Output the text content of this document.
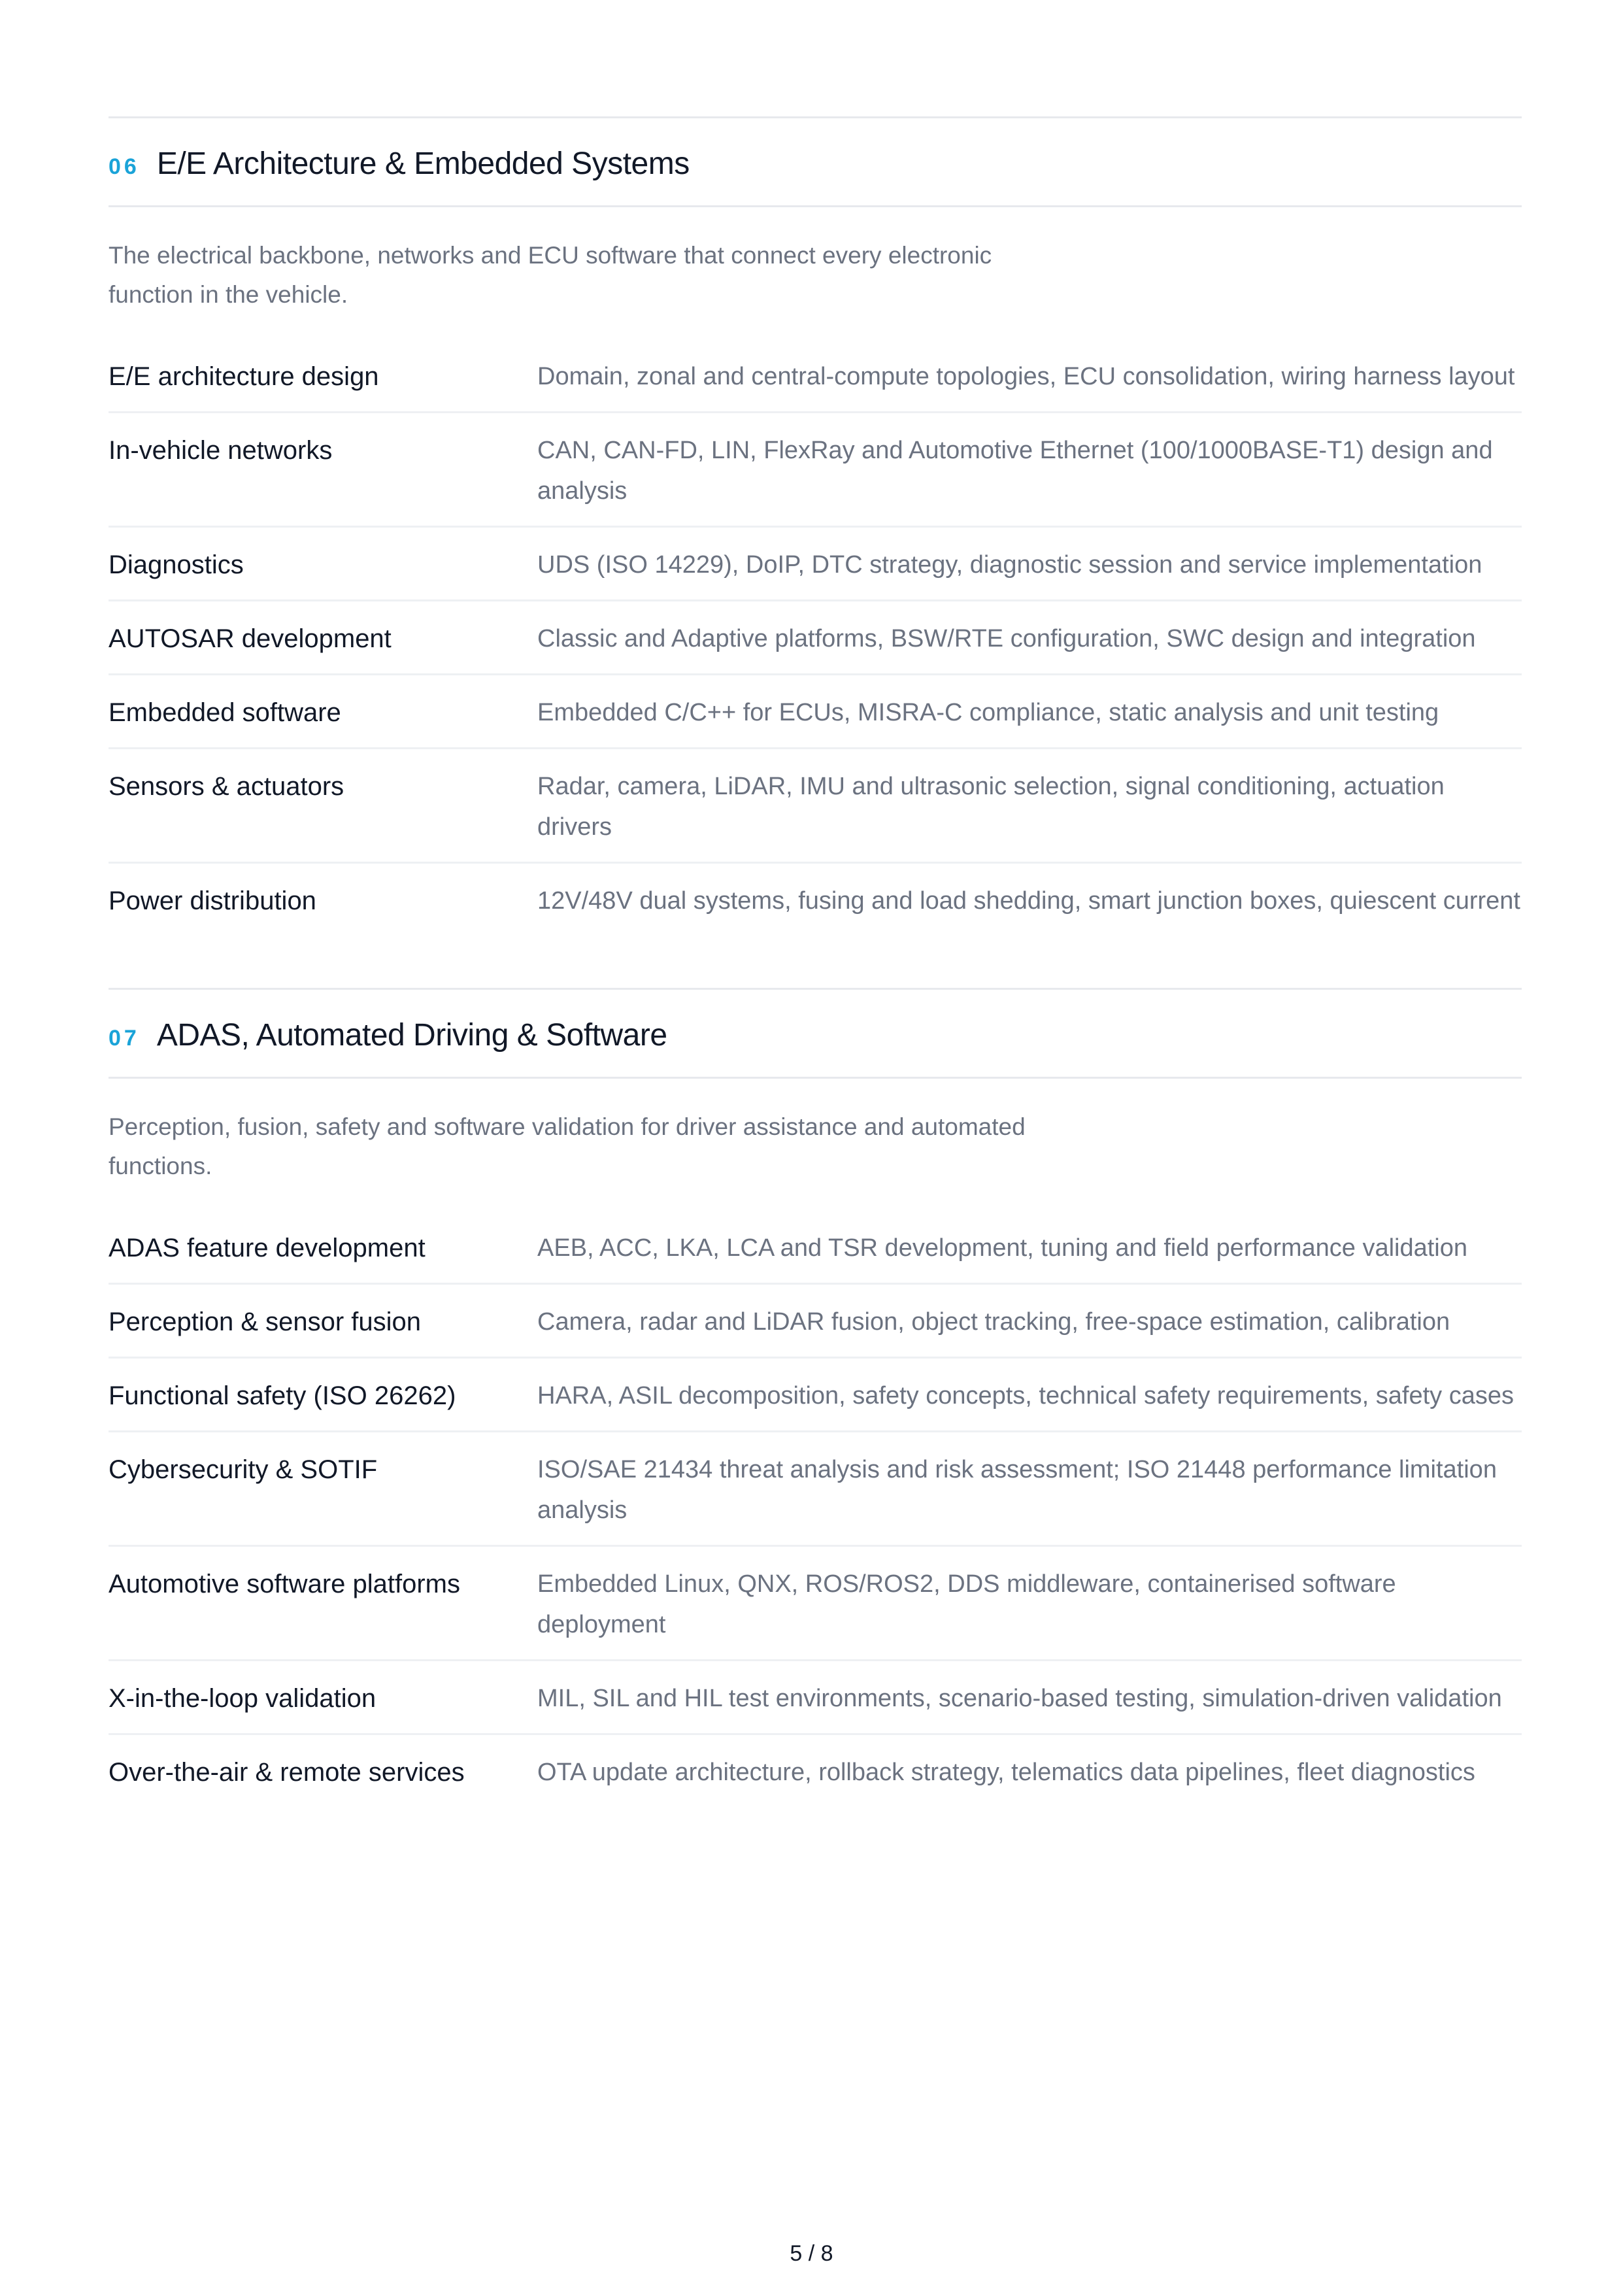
06 E/E Architecture & Embedded Systems

The electrical backbone, networks and ECU software that connect every electronic function in the vehicle.

E/E architecture design	Domain, zonal and central-compute topologies, ECU consolidation, wiring harness layout
In-vehicle networks	CAN, CAN-FD, LIN, FlexRay and Automotive Ethernet (100/1000BASE-T1) design and analysis
Diagnostics	UDS (ISO 14229), DoIP, DTC strategy, diagnostic session and service implementation
AUTOSAR development	Classic and Adaptive platforms, BSW/RTE configuration, SWC design and integration
Embedded software	Embedded C/C++ for ECUs, MISRA-C compliance, static analysis and unit testing
Sensors & actuators	Radar, camera, LiDAR, IMU and ultrasonic selection, signal conditioning, actuation drivers
Power distribution	12V/48V dual systems, fusing and load shedding, smart junction boxes, quiescent current
07 ADAS, Automated Driving & Software

Perception, fusion, safety and software validation for driver assistance and automated functions.

ADAS feature development	AEB, ACC, LKA, LCA and TSR development, tuning and field performance validation
Perception & sensor fusion	Camera, radar and LiDAR fusion, object tracking, free-space estimation, calibration
Functional safety (ISO 26262)	HARA, ASIL decomposition, safety concepts, technical safety requirements, safety cases
Cybersecurity & SOTIF	ISO/SAE 21434 threat analysis and risk assessment; ISO 21448 performance limitation analysis
Automotive software platforms	Embedded Linux, QNX, ROS/ROS2, DDS middleware, containerised software deployment
X-in-the-loop validation	MIL, SIL and HIL test environments, scenario-based testing, simulation-driven validation
Over-the-air & remote services	OTA update architecture, rollback strategy, telematics data pipelines, fleet diagnostics
5 / 8
